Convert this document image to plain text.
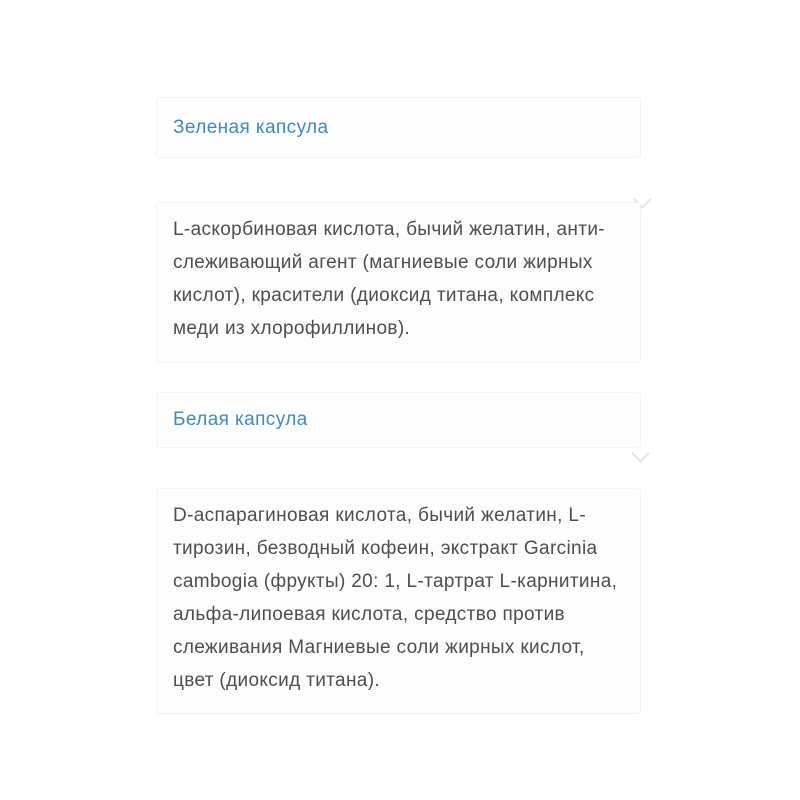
Зеленая капсула
L-аскорбиновая кислота, бычий желатин, анти-
слеживающий агент (магниевые соли жирных
кислот), красители (диоксид титана, комплекс
меди из хлорофиллинов).
Белая капсула
D-аспарагиновая кислота, бычий желатин, L-
тирозин, безводный кофеин, экстракт Garcinia
cambogia (фрукты) 20: 1, L-тартрат L-карнитина,
альфа-липоевая кислота, средство против
слеживания Магниевые соли жирных кислот,
цвет (диоксид титана).
